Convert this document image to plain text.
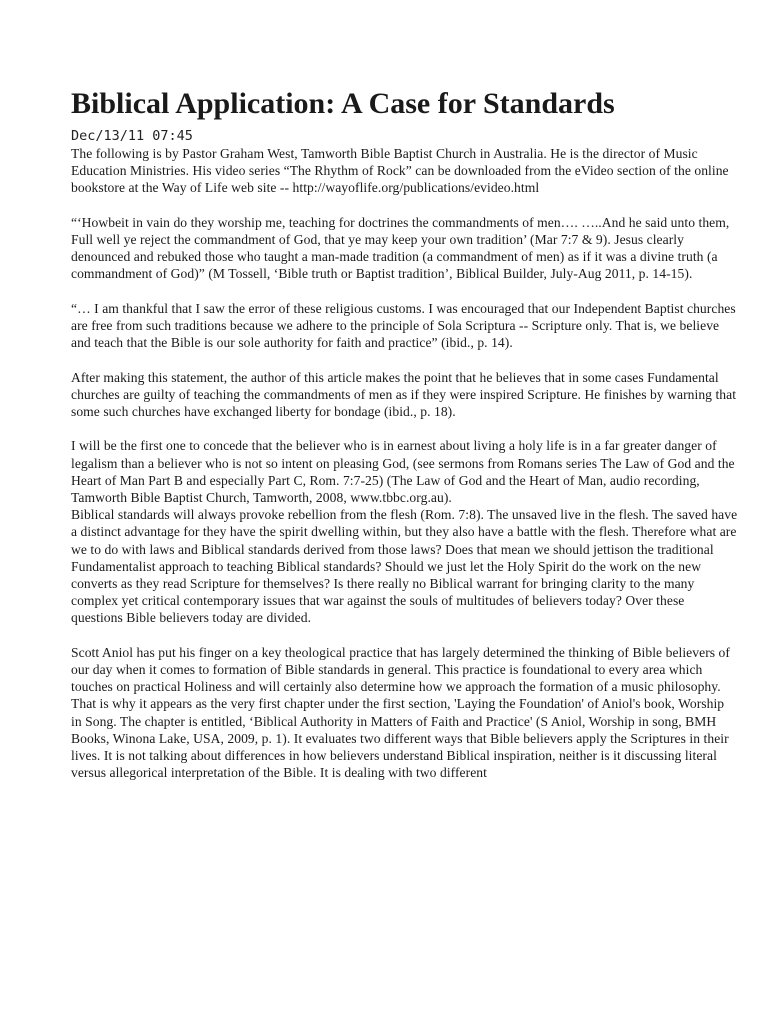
Biblical Application: A Case for Standards
Dec/13/11 07:45

The following is by Pastor Graham West, Tamworth Bible Baptist Church in Australia. He is the director of Music Education Ministries. His video series “The Rhythm of Rock” can be downloaded from the eVideo section of the online bookstore at the Way of Life web site -- http://wayoflife.org/publications/evideo.html

“‘Howbeit in vain do they worship me, teaching for doctrines the commandments of men…. …..And he said unto them, Full well ye reject the commandment of God, that ye may keep your own tradition’ (Mar 7:7 & 9). Jesus clearly denounced and rebuked those who taught a man-made tradition (a commandment of men) as if it was a divine truth (a commandment of God)” (M Tossell, ‘Bible truth or Baptist tradition’, Biblical Builder, July-Aug 2011, p. 14-15).

“… I am thankful that I saw the error of these religious customs. I was encouraged that our Independent Baptist churches are free from such traditions because we adhere to the principle of Sola Scriptura -- Scripture only. That is, we believe and teach that the Bible is our sole authority for faith and practice” (ibid., p. 14).

After making this statement, the author of this article makes the point that he believes that in some cases Fundamental churches are guilty of teaching the commandments of men as if they were inspired Scripture. He finishes by warning that some such churches have exchanged liberty for bondage (ibid., p. 18).

I will be the first one to concede that the believer who is in earnest about living a holy life is in a far greater danger of legalism than a believer who is not so intent on pleasing God, (see sermons from Romans series The Law of God and the Heart of Man Part B and especially Part C, Rom. 7:7-25) (The Law of God and the Heart of Man, audio recording, Tamworth Bible Baptist Church, Tamworth, 2008, www.tbbc.org.au).

Biblical standards will always provoke rebellion from the flesh (Rom. 7:8). The unsaved live in the flesh. The saved have a distinct advantage for they have the spirit dwelling within, but they also have a battle with the flesh. Therefore what are we to do with laws and Biblical standards derived from those laws? Does that mean we should jettison the traditional Fundamentalist approach to teaching Biblical standards? Should we just let the Holy Spirit do the work on the new converts as they read Scripture for themselves? Is there really no Biblical warrant for bringing clarity to the many complex yet critical contemporary issues that war against the souls of multitudes of believers today? Over these questions Bible believers today are divided.

Scott Aniol has put his finger on a key theological practice that has largely determined the thinking of Bible believers of our day when it comes to formation of Bible standards in general. This practice is foundational to every area which touches on practical Holiness and will certainly also determine how we approach the formation of a music philosophy. That is why it appears as the very first chapter under the first section, 'Laying the Foundation' of Aniol's book, Worship in Song. The chapter is entitled, ‘Biblical Authority in Matters of Faith and Practice' (S Aniol, Worship in song, BMH Books, Winona Lake, USA, 2009, p. 1). It evaluates two different ways that Bible believers apply the Scriptures in their lives. It is not talking about differences in how believers understand Biblical inspiration, neither is it discussing literal versus allegorical interpretation of the Bible. It is dealing with two different
